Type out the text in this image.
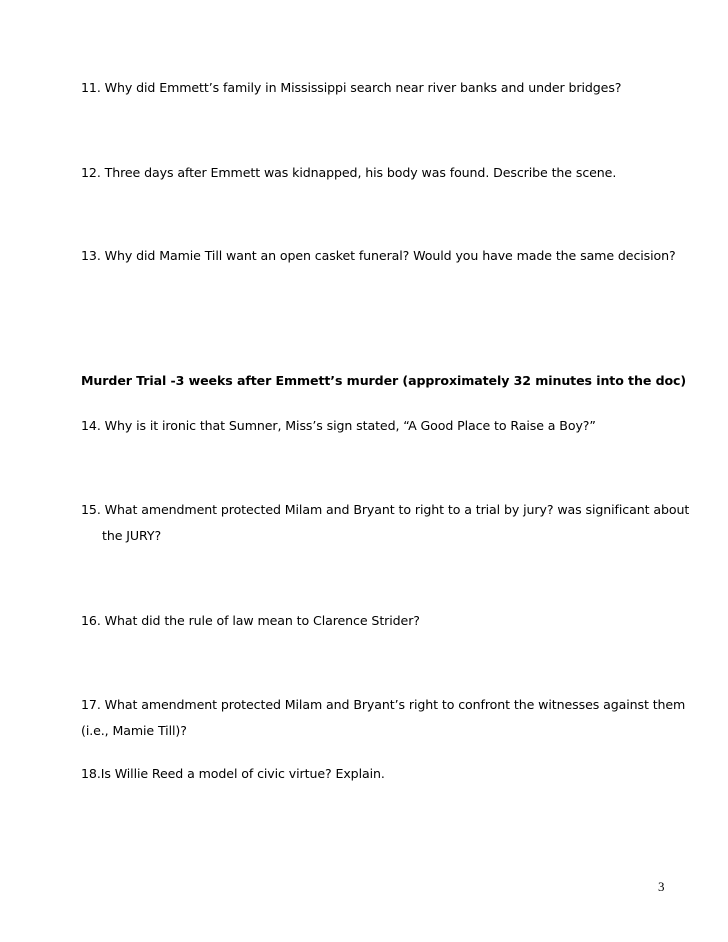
11. Why did Emmett’s family in Mississippi search near river banks and under bridges?
12. Three days after Emmett was kidnapped, his body was found. Describe the scene.
13. Why did Mamie Till want an open casket funeral? Would you have made the same decision?
Murder Trial -3 weeks after Emmett’s murder (approximately 32 minutes into the doc)
14. Why is it ironic that Sumner, Miss’s sign stated, “A Good Place to Raise a Boy?”
15. What amendment protected Milam and Bryant to right to a trial by jury? was significant about
the JURY?
16. What did the rule of law mean to Clarence Strider?
17. What amendment protected Milam and Bryant’s right to confront the witnesses against them
(i.e., Mamie Till)?
18.Is Willie Reed a model of civic virtue? Explain.
3
